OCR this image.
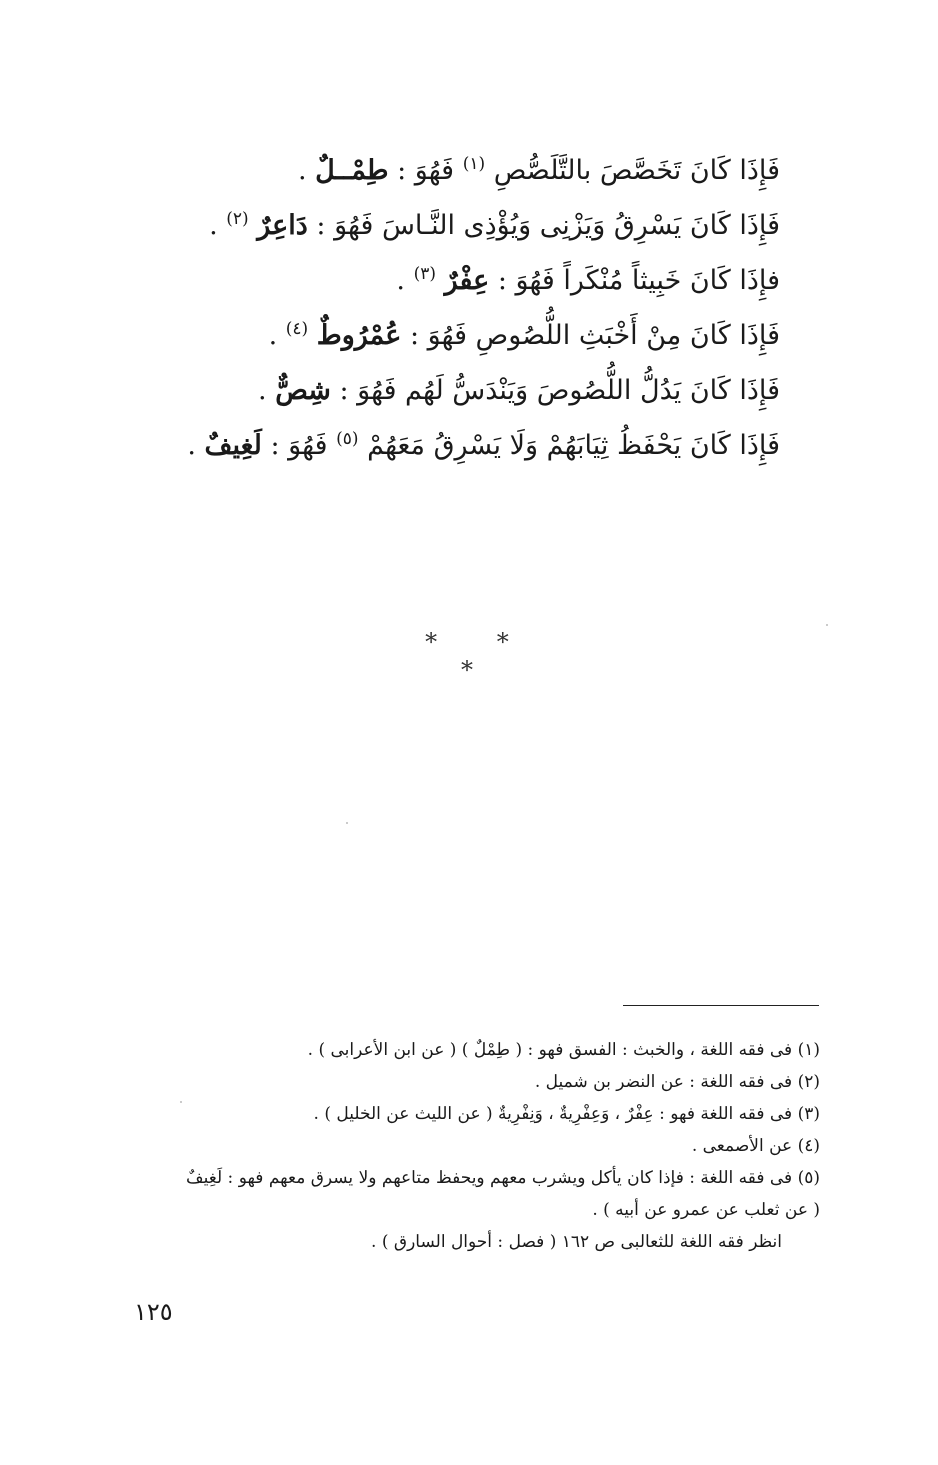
فَإِذَا كَانَ تَخَصَّصَ بالتَّلَصُّصِ $^{(١)}$ فَهُوَ : طِمْــلٌ .
فَإِذَا كَانَ يَسْرِقُ وَيَزْنِى وَيُؤْذِى النَّـاسَ فَهُوَ : دَاعِرٌ $^{(٢)}$ .
فإِذَا كَانَ خَبِيثاً مُنْكَراً فَهُوَ : عِفْرٌ $^{(٣)}$ .
فَإِذَا كَانَ مِنْ أَخْبَثِ اللُّصُوصِ فَهُوَ : عُمْرُوطٌ $^{(٤)}$ .
فَإِذَا كَانَ يَدُلُّ اللُّصُوصَ وَيَنْدَسُّ لَهُم فَهُوَ : شِصٌّ .
فَإِذَا كَانَ يَحْفَظُ ثِيَابَهُمْ وَلَا يَسْرِقُ مَعَهُمْ $^{(٥)}$ فَهُوَ : لَغِيفٌ .
* * *
(١) فى فقه اللغة ، والخبث : الفسق فهو : ( طِمْلٌ ) ( عن ابن الأعرابى ) .
(٢) فى فقه اللغة : عن النضر بن شميل .
(٣) فى فقه اللغة فهو : عِفْرٌ ، وَعِفْرِيةٌ ، وَنِفْرِيةٌ ( عن الليث عن الخليل ) .
(٤) عن الأصمعى .
(٥) فى فقه اللغة : فإذا كان يأكل ويشرب معهم ويحفظ متاعهم ولا يسرق معهم فهو : لَغِيفٌ
( عن ثعلب عن عمرو عن أبيه ) .
انظر فقه اللغة للثعالبى ص ١٦٢ ( فصل : أحوال السارق ) .
١٢٥
